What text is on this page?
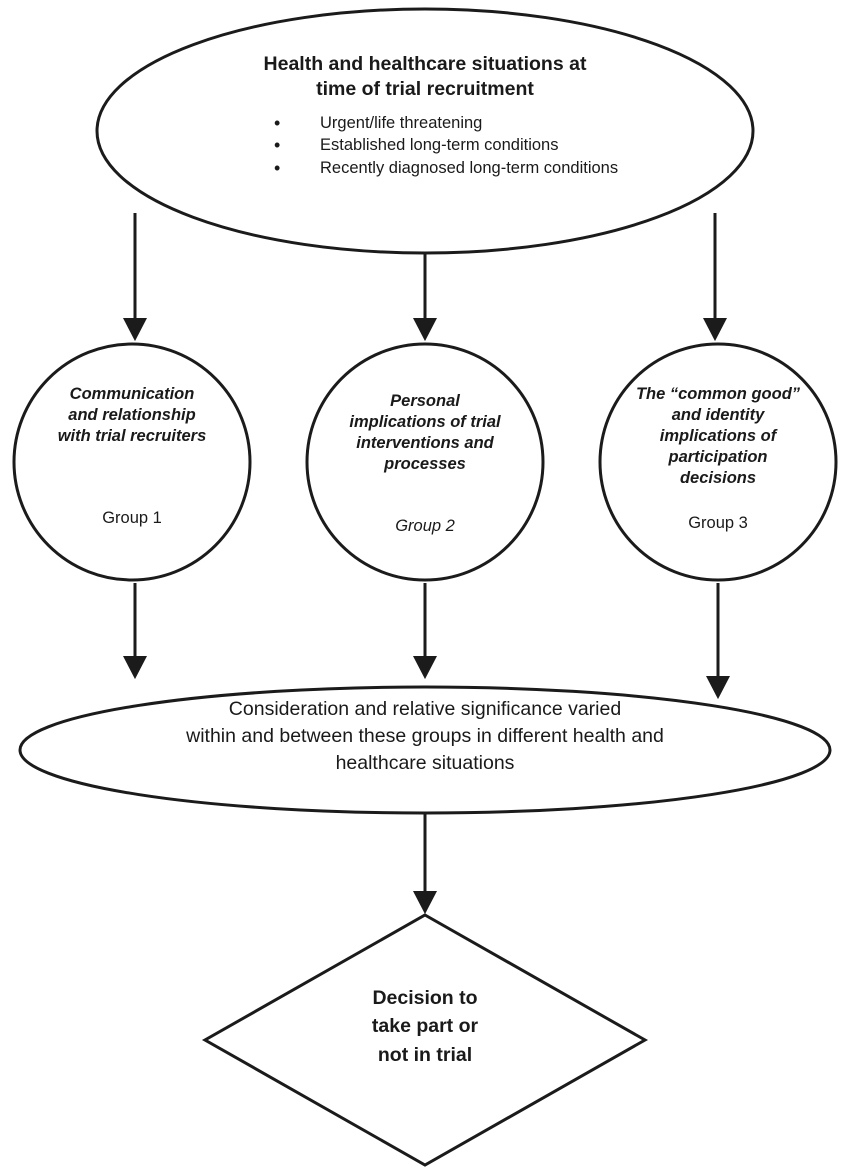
Health and healthcare situations at
time of trial recruitment
• Urgent/life threatening
• Established long-term conditions
• Recently diagnosed long-term conditions
Communication
and relationship
with trial recruiters
Group 1
Personal
implications of trial
interventions and
processes
Group 2
The “common good”
and identity
implications of
participation
decisions
Group 3
Consideration and relative significance varied
within and between these groups in different health and
healthcare situations
Decision to
take part or
not in trial
